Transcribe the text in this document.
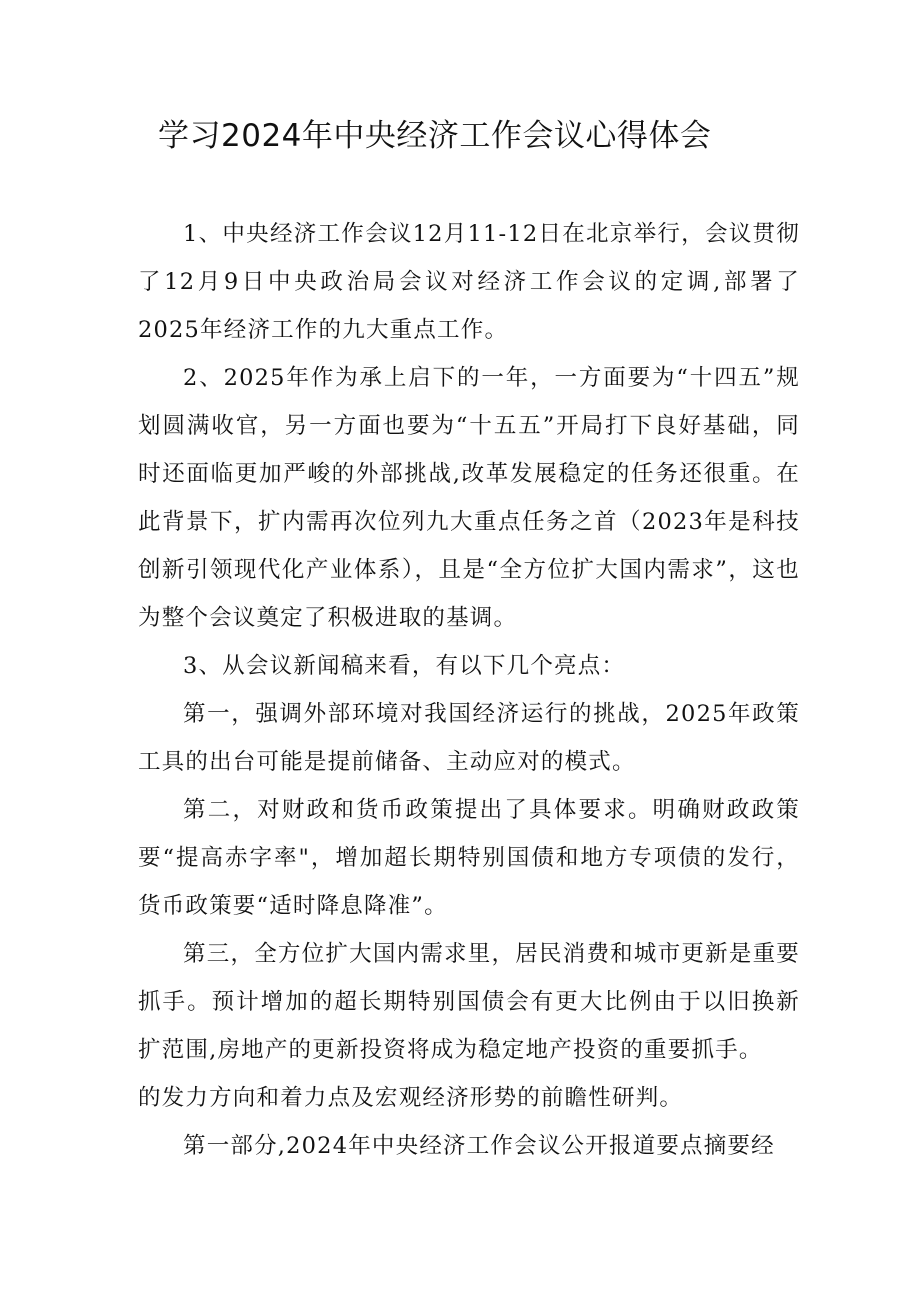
学习2024年中央经济工作会议心得体会

1、中央经济工作会议12月11-12日在北京举行，会议贯彻了12月9日中央政治局会议对经济工作会议的定调,部署了2025年经济工作的九大重点工作。

2、2025年作为承上启下的一年，一方面要为“十四五”规划圆满收官，另一方面也要为“十五五”开局打下良好基础，同时还面临更加严峻的外部挑战,改革发展稳定的任务还很重。在此背景下，扩内需再次位列九大重点任务之首（2023年是科技创新引领现代化产业体系），且是“全方位扩大国内需求”，这也为整个会议奠定了积极进取的基调。

3、从会议新闻稿来看，有以下几个亮点：

第一，强调外部环境对我国经济运行的挑战，2025年政策工具的出台可能是提前储备、主动应对的模式。

第二，对财政和货币政策提出了具体要求。明确财政政策要“提高赤字率"，增加超长期特别国债和地方专项债的发行，货币政策要“适时降息降准”。

第三，全方位扩大国内需求里，居民消费和城市更新是重要抓手。预计增加的超长期特别国债会有更大比例由于以旧换新扩范围,房地产的更新投资将成为稳定地产投资的重要抓手。

的发力方向和着力点及宏观经济形势的前瞻性研判。

第一部分,2024年中央经济工作会议公开报道要点摘要经
